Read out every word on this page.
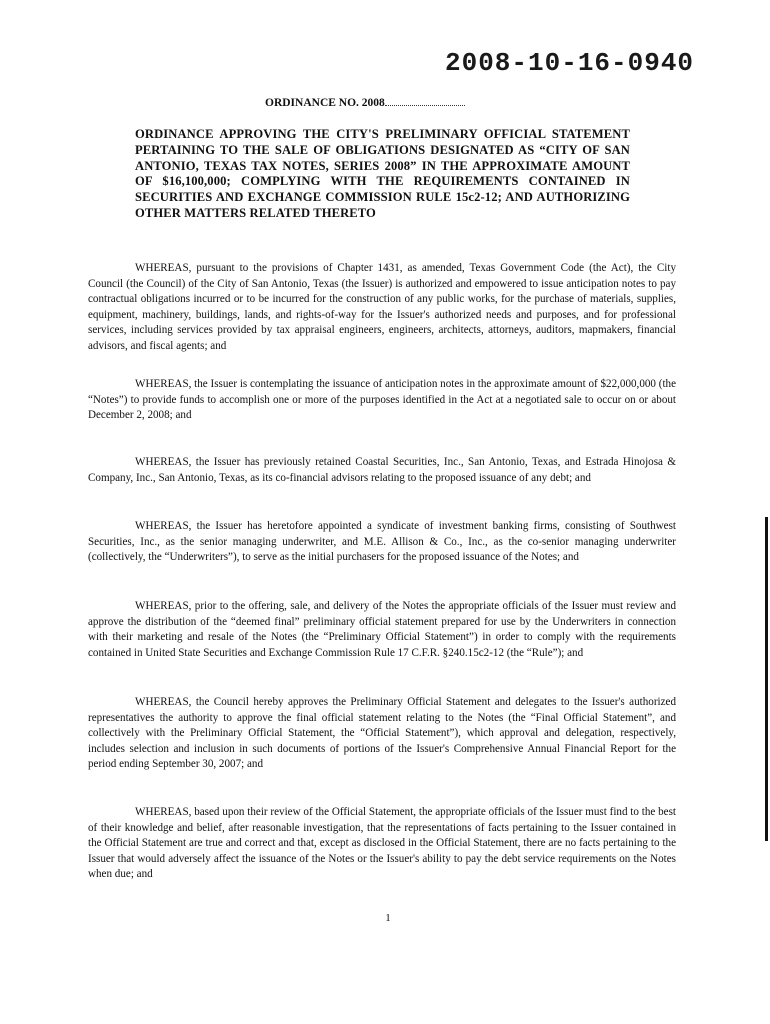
2008-10-16-0940
ORDINANCE NO. 2008
ORDINANCE APPROVING THE CITY'S PRELIMINARY OFFICIAL STATEMENT PERTAINING TO THE SALE OF OBLIGATIONS DESIGNATED AS “CITY OF SAN ANTONIO, TEXAS TAX NOTES, SERIES 2008” IN THE APPROXIMATE AMOUNT OF $16,100,000; COMPLYING WITH THE REQUIREMENTS CONTAINED IN SECURITIES AND EXCHANGE COMMISSION RULE 15c2-12; AND AUTHORIZING OTHER MATTERS RELATED THERETO

WHEREAS, pursuant to the provisions of Chapter 1431, as amended, Texas Government Code (the Act), the City Council (the Council) of the City of San Antonio, Texas (the Issuer) is authorized and empowered to issue anticipation notes to pay contractual obligations incurred or to be incurred for the construction of any public works, for the purchase of materials, supplies, equipment, machinery, buildings, lands, and rights-of-way for the Issuer's authorized needs and purposes, and for professional services, including services provided by tax appraisal engineers, engineers, architects, attorneys, auditors, mapmakers, financial advisors, and fiscal agents; and

WHEREAS, the Issuer is contemplating the issuance of anticipation notes in the approximate amount of $22,000,000 (the “Notes”) to provide funds to accomplish one or more of the purposes identified in the Act at a negotiated sale to occur on or about December 2, 2008; and

WHEREAS, the Issuer has previously retained Coastal Securities, Inc., San Antonio, Texas, and Estrada Hinojosa & Company, Inc., San Antonio, Texas, as its co-financial advisors relating to the proposed issuance of any debt; and

WHEREAS, the Issuer has heretofore appointed a syndicate of investment banking firms, consisting of Southwest Securities, Inc., as the senior managing underwriter, and M.E. Allison & Co., Inc., as the co-senior managing underwriter (collectively, the “Underwriters”), to serve as the initial purchasers for the proposed issuance of the Notes; and

WHEREAS, prior to the offering, sale, and delivery of the Notes the appropriate officials of the Issuer must review and approve the distribution of the “deemed final” preliminary official statement prepared for use by the Underwriters in connection with their marketing and resale of the Notes (the “Preliminary Official Statement”) in order to comply with the requirements contained in United State Securities and Exchange Commission Rule 17 C.F.R. §240.15c2-12 (the “Rule”); and

WHEREAS, the Council hereby approves the Preliminary Official Statement and delegates to the Issuer's authorized representatives the authority to approve the final official statement relating to the Notes (the “Final Official Statement”, and collectively with the Preliminary Official Statement, the “Official Statement”), which approval and delegation, respectively, includes selection and inclusion in such documents of portions of the Issuer's Comprehensive Annual Financial Report for the period ending September 30, 2007; and

WHEREAS, based upon their review of the Official Statement, the appropriate officials of the Issuer must find to the best of their knowledge and belief, after reasonable investigation, that the representations of facts pertaining to the Issuer contained in the Official Statement are true and correct and that, except as disclosed in the Official Statement, there are no facts pertaining to the Issuer that would adversely affect the issuance of the Notes or the Issuer's ability to pay the debt service requirements on the Notes when due; and

1
